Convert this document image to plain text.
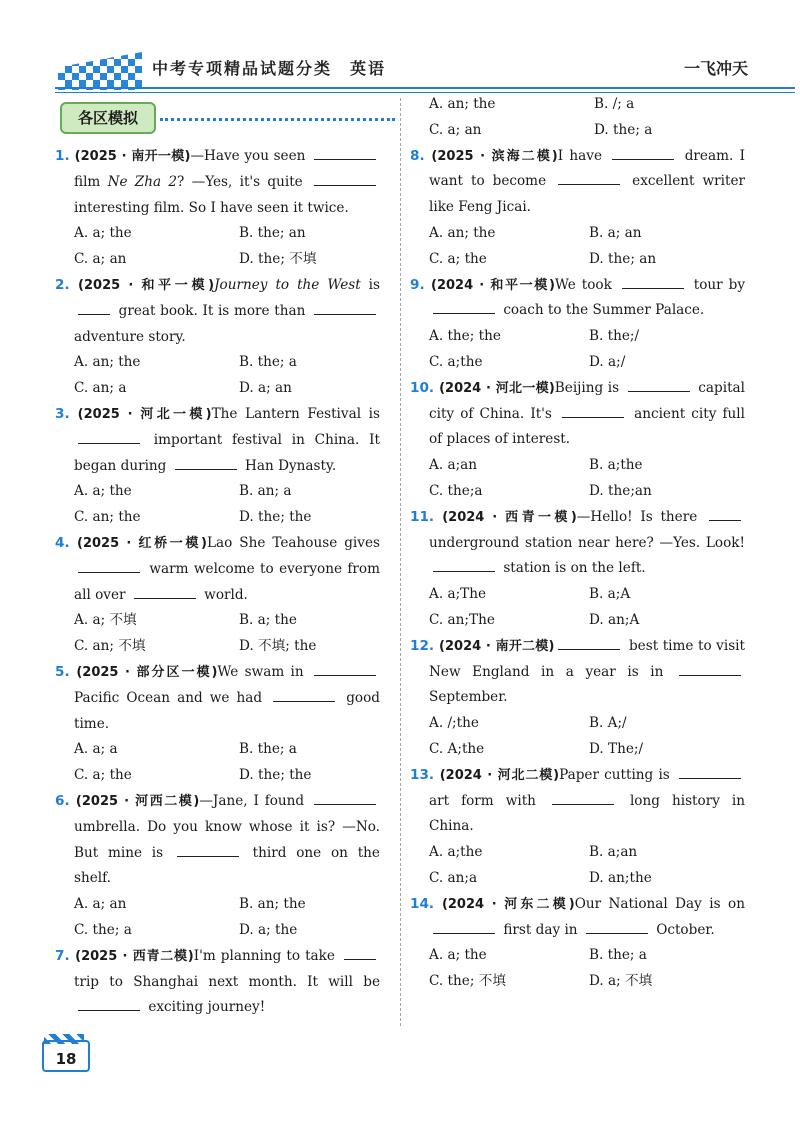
中考专项精品试题分类 英语	一飞冲天
各区模拟
1. (2025 · 南开一模)—Have you seen  film Ne Zha 2? —Yes, it's quite  interesting film. So I have seen it twice.
A. a; the	B. the; an
C. a; an	D. the; 不填
2. (2025 · 和平一模)Journey to the West is  great book. It is more than  adventure story.
A. an; the	B. the; a
C. an; a	D. a; an
3. (2025 · 河北一模)The Lantern Festival is  important festival in China. It began during	Han Dynasty.
A. a; the	B. an; a
C. an; the	D. the; the
4. (2025 · 红桥一模)Lao She Teahouse gives  warm welcome to everyone from all over	world.
A. a; 不填	B. a; the
C. an; 不填	D. 不填; the
5. (2025 · 部分区一模)We swam in  Pacific Ocean and we had	good time.
A. a; a	B. the; a
C. a; the	D. the; the
6. (2025 · 河西二模)—Jane, I found  umbrella. Do you know whose it is? —No. But mine is	third one on the shelf.
A. a; an	B. an; the
C. the; a	D. a; the
7. (2025 · 西青二模)I'm planning to take  trip to Shanghai next month. It will be  exciting journey!
A. an; the	B. /; a
C. a; an	D. the; a
8. (2025 · 滨海二模)I have	dream. I want to become	excellent writer like Feng Jicai.
A. an; the	B. a; an
C. a; the	D. the; an
9. (2024 · 和平一模)We took	tour by  coach to the Summer Palace.
A. the; the	B. the;/
C. a;the	D. a;/
10. (2024 · 河北一模)Beijing is	capital city of China. It's	ancient city full of places of interest.
A. a;an	B. a;the
C. the;a	D. the;an
11. (2024 · 西青一模)—Hello! Is there  underground station near here? —Yes. Look!  station is on the left.
A. a;The	B. a;A
C. an;The	D. an;A
12. (2024 · 南开二模)	best time to visit New England in a year is in  September.
A. /;the	B. A;/
C. A;the	D. The;/
13. (2024 · 河北二模)Paper cutting is  art form with	long history in China.
A. a;the	B. a;an
C. an;a	D. an;the
14. (2024 · 河东二模)Our National Day is on  first day in	October.
A. a; the	B. the; a
C. the; 不填	D. a; 不填
18
